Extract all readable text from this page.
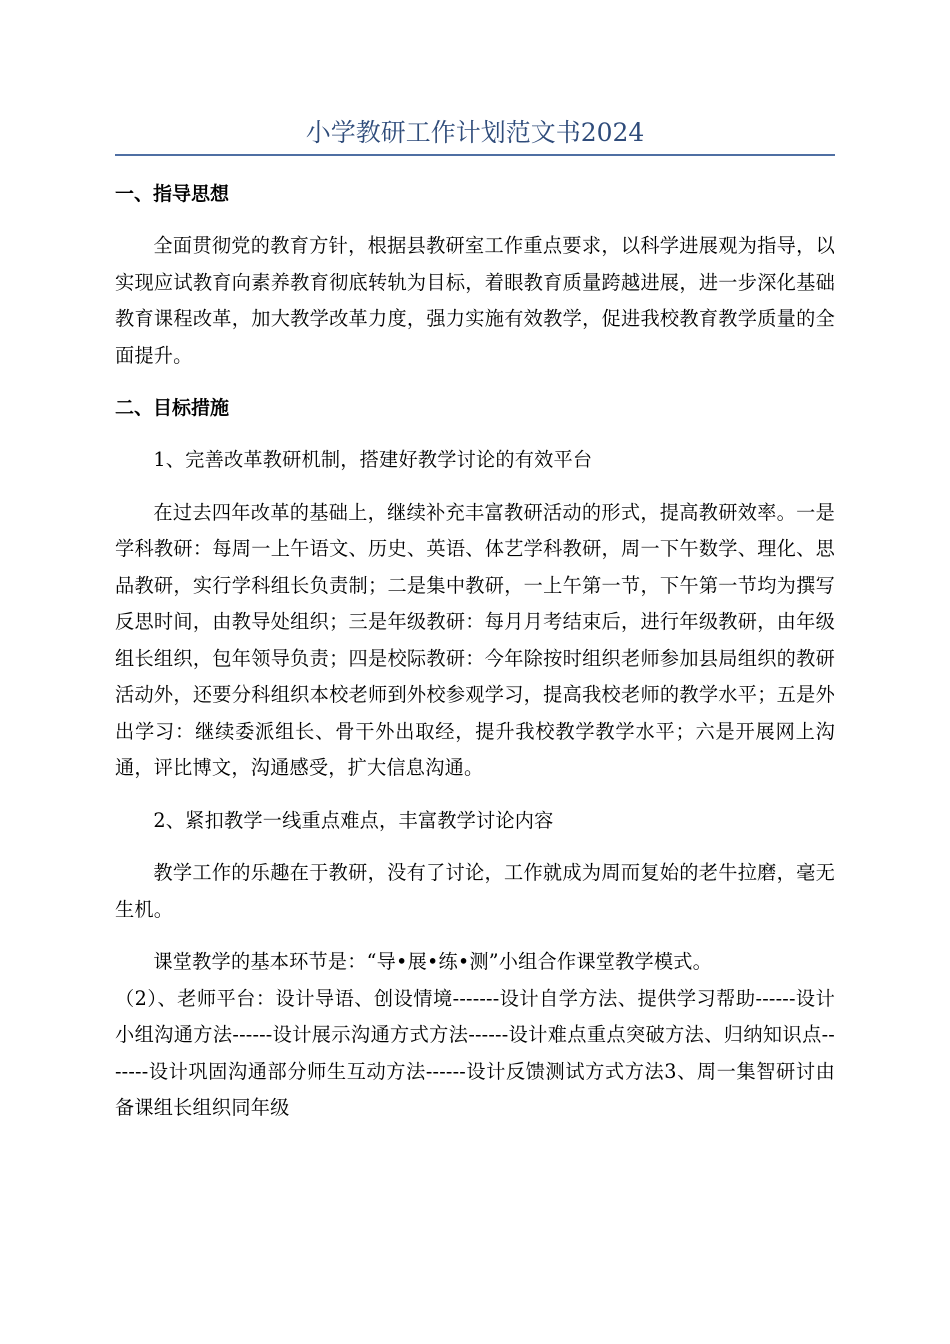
小学教研工作计划范文书2024
一、指导思想

全面贯彻党的教育方针，根据县教研室工作重点要求，以科学进展观为指导，以实现应试教育向素养教育彻底转轨为目标，着眼教育质量跨越进展，进一步深化基础教育课程改革，加大教学改革力度，强力实施有效教学，促进我校教育教学质量的全面提升。

二、目标措施

1、完善改革教研机制，搭建好教学讨论的有效平台

在过去四年改革的基础上，继续补充丰富教研活动的形式，提高教研效率。一是学科教研：每周一上午语文、历史、英语、体艺学科教研，周一下午数学、理化、思品教研，实行学科组长负责制；二是集中教研，一上午第一节，下午第一节均为撰写反思时间，由教导处组织；三是年级教研：每月月考结束后，进行年级教研，由年级组长组织，包年领导负责；四是校际教研：今年除按时组织老师参加县局组织的教研活动外，还要分科组织本校老师到外校参观学习，提高我校老师的教学水平；五是外出学习：继续委派组长、骨干外出取经，提升我校教学教学水平；六是开展网上沟通，评比博文，沟通感受，扩大信息沟通。

2、紧扣教学一线重点难点，丰富教学讨论内容

教学工作的乐趣在于教研，没有了讨论，工作就成为周而复始的老牛拉磨，毫无生机。

课堂教学的基本环节是：“导•展•练•测”小组合作课堂教学模式。

（2）、老师平台：设计导语、创设情境-------设计自学方法、提供学习帮助------设计小组沟通方法------设计展示沟通方式方法------设计难点重点突破方法、归纳知识点-------设计巩固沟通部分师生互动方法------设计反馈测试方式方法3、周一集智研讨由备课组长组织同年级
